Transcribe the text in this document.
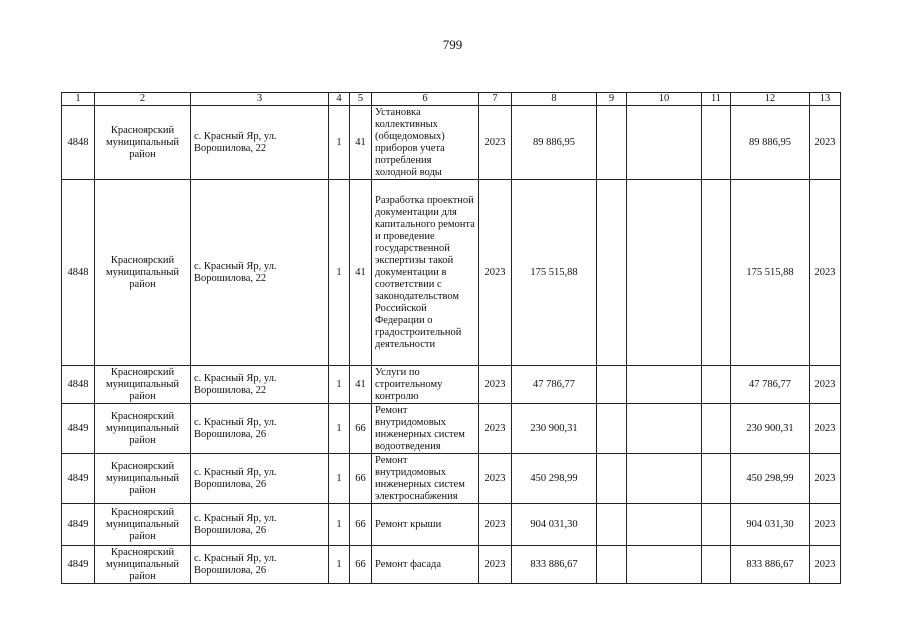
799
1	2	3	4	5	6	7	8	9	10	11	12	13
4848	Красноярский муниципальный район	с. Красный Яр, ул. Ворошилова, 22	1	41	Установка коллективных (общедомовых) приборов учета потребления холодной воды	2023	89 886,95				89 886,95	2023
4848	Красноярский муниципальный район	с. Красный Яр, ул. Ворошилова, 22	1	41	Разработка проектной документации для капитального ремонта и проведение государственной экспертизы такой документации в соответствии с законодательством Российской Федерации о градостроительной деятельности	2023	175 515,88				175 515,88	2023
4848	Красноярский муниципальный район	с. Красный Яр, ул. Ворошилова, 22	1	41	Услуги по строительному контролю	2023	47 786,77				47 786,77	2023
4849	Красноярский муниципальный район	с. Красный Яр, ул. Ворошилова, 26	1	66	Ремонт внутридомовых инженерных систем водоотведения	2023	230 900,31				230 900,31	2023
4849	Красноярский муниципальный район	с. Красный Яр, ул. Ворошилова, 26	1	66	Ремонт внутридомовых инженерных систем электроснабжения	2023	450 298,99				450 298,99	2023
4849	Красноярский муниципальный район	с. Красный Яр, ул. Ворошилова, 26	1	66	Ремонт крыши	2023	904 031,30				904 031,30	2023
4849	Красноярский муниципальный район	с. Красный Яр, ул. Ворошилова, 26	1	66	Ремонт фасада	2023	833 886,67				833 886,67	2023
